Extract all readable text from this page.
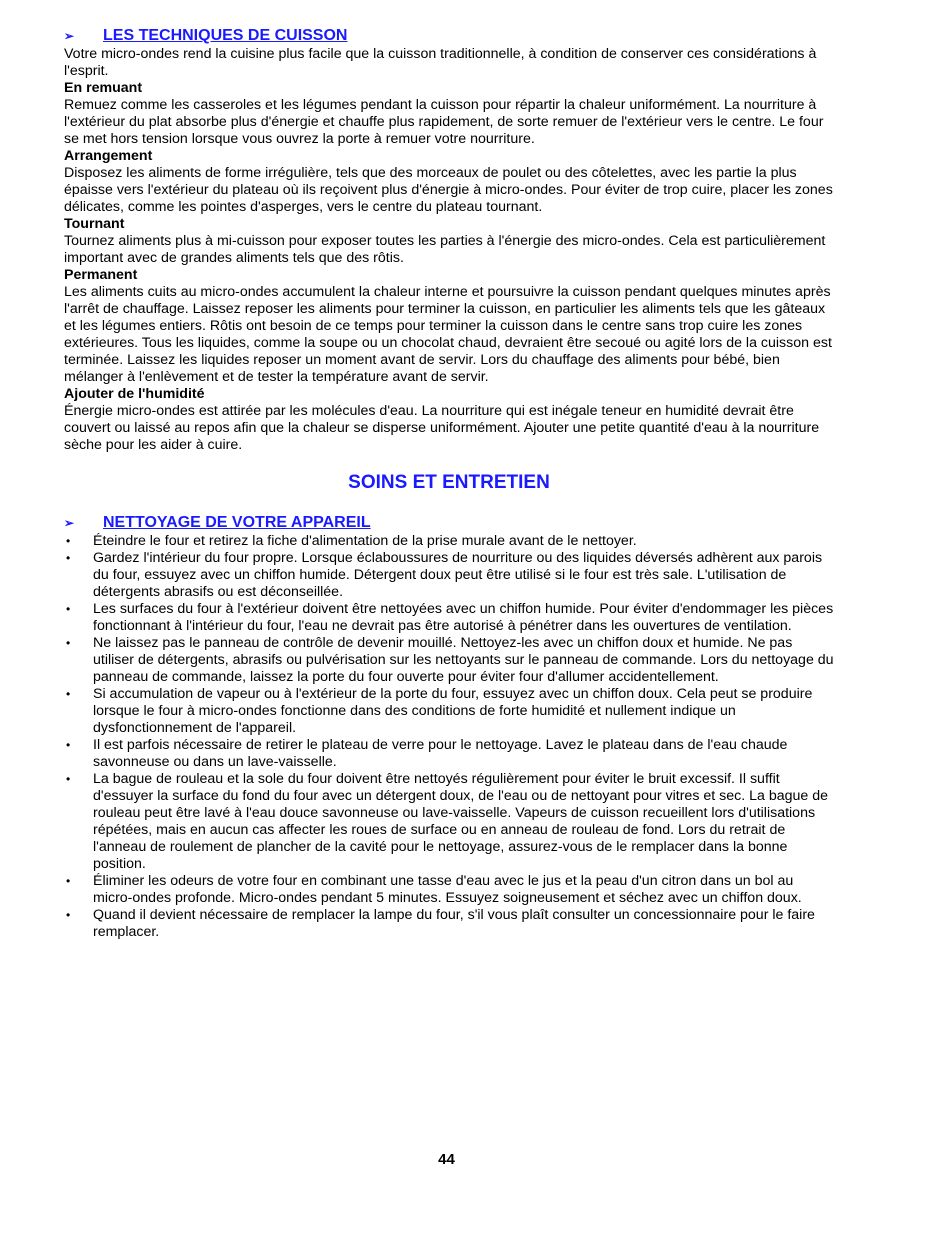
➢	LES TECHNIQUES DE CUISSON

Votre micro-ondes rend la cuisine plus facile que la cuisson traditionnelle, à condition de conserver ces considérations à l'esprit.

En remuant

Remuez comme les casseroles et les légumes pendant la cuisson pour répartir la chaleur uniformément. La nourriture à l'extérieur du plat absorbe plus d'énergie et chauffe plus rapidement, de sorte remuer de l'extérieur vers le centre. Le four se met hors tension lorsque vous ouvrez la porte à remuer votre nourriture.

Arrangement

Disposez les aliments de forme irrégulière, tels que des morceaux de poulet ou des côtelettes, avec les partie la plus épaisse vers l'extérieur du plateau où ils reçoivent plus d'énergie à micro-ondes. Pour éviter de trop cuire, placer les zones délicates, comme les pointes d'asperges, vers le centre du plateau tournant.

Tournant

Tournez aliments plus à mi-cuisson pour exposer toutes les parties à l'énergie des micro-ondes. Cela est particulièrement important avec de grandes aliments tels que des rôtis.

Permanent

Les aliments cuits au micro-ondes accumulent la chaleur interne et poursuivre la cuisson pendant quelques minutes après l'arrêt de chauffage. Laissez reposer les aliments pour terminer la cuisson, en particulier les aliments tels que les gâteaux et les légumes entiers. Rôtis ont besoin de ce temps pour terminer la cuisson dans le centre sans trop cuire les zones extérieures. Tous les liquides, comme la soupe ou un chocolat chaud, devraient être secoué ou agité lors de la cuisson est terminée. Laissez les liquides reposer un moment avant de servir. Lors du chauffage des aliments pour bébé, bien mélanger à l'enlèvement et de tester la température avant de servir.

Ajouter de l'humidité

Énergie micro-ondes est attirée par les molécules d'eau. La nourriture qui est inégale teneur en humidité devrait être couvert ou laissé au repos afin que la chaleur se disperse uniformément. Ajouter une petite quantité d'eau à la nourriture sèche pour les aider à cuire.

SOINS ET ENTRETIEN
➢	NETTOYAGE DE VOTRE APPAREIL
• Éteindre le four et retirez la fiche d'alimentation de la prise murale avant de le nettoyer.
• Gardez l'intérieur du four propre. Lorsque éclaboussures de nourriture ou des liquides déversés adhèrent aux parois du four, essuyez avec un chiffon humide. Détergent doux peut être utilisé si le four est très sale. L'utilisation de détergents abrasifs ou est déconseillée.
• Les surfaces du four à l'extérieur doivent être nettoyées avec un chiffon humide. Pour éviter d'endommager les pièces fonctionnant à l'intérieur du four, l'eau ne devrait pas être autorisé à pénétrer dans les ouvertures de ventilation.
• Ne laissez pas le panneau de contrôle de devenir mouillé. Nettoyez-les avec un chiffon doux et humide. Ne pas utiliser de détergents, abrasifs ou pulvérisation sur les nettoyants sur le panneau de commande. Lors du nettoyage du panneau de commande, laissez la porte du four ouverte pour éviter four d'allumer accidentellement.
• Si accumulation de vapeur ou à l'extérieur de la porte du four, essuyez avec un chiffon doux. Cela peut se produire lorsque le four à micro-ondes fonctionne dans des conditions de forte humidité et nullement indique un dysfonctionnement de l'appareil.
• Il est parfois nécessaire de retirer le plateau de verre pour le nettoyage. Lavez le plateau dans de l'eau chaude savonneuse ou dans un lave-vaisselle.
• La bague de rouleau et la sole du four doivent être nettoyés régulièrement pour éviter le bruit excessif. Il suffit d'essuyer la surface du fond du four avec un détergent doux, de l'eau ou de nettoyant pour vitres et sec. La bague de rouleau peut être lavé à l'eau douce savonneuse ou lave-vaisselle. Vapeurs de cuisson recueillent lors d'utilisations répétées, mais en aucun cas affecter les roues de surface ou en anneau de rouleau de fond. Lors du retrait de l'anneau de roulement de plancher de la cavité pour le nettoyage, assurez-vous de le remplacer dans la bonne position.
• Éliminer les odeurs de votre four en combinant une tasse d'eau avec le jus et la peau d'un citron dans un bol au micro-ondes profonde. Micro-ondes pendant 5 minutes. Essuyez soigneusement et séchez avec un chiffon doux.
• Quand il devient nécessaire de remplacer la lampe du four, s'il vous plaît consulter un concessionnaire pour le faire remplacer.
44
